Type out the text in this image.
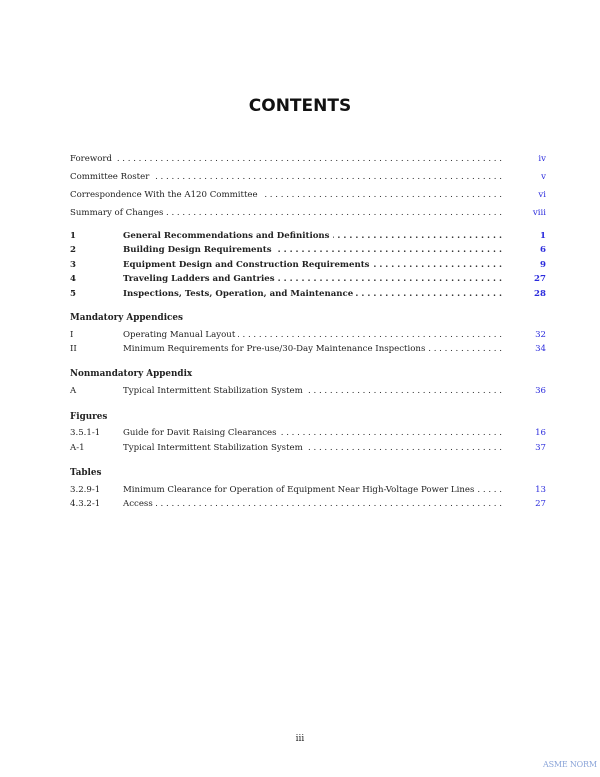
CONTENTS
Foreword . . .	iv
Committee Roster . . .	v
Correspondence With the A120 Committee . . .	vi
Summary of Changes . . .	viii
1	General Recommendations and Definitions . . .	1
2	Building Design Requirements . . .	6
3	Equipment Design and Construction Requirements . . .	9
4	Traveling Ladders and Gantries . . .	27
5	Inspections, Tests, Operation, and Maintenance . . .	28
Mandatory Appendices
I	Operating Manual Layout . . .	32
II	Minimum Requirements for Pre-use/30-Day Maintenance Inspections . . .	34
Nonmandatory Appendix
A	Typical Intermittent Stabilization System . . .	36
Figures
3.5.1-1	Guide for Davit Raising Clearances . . .	16
A-1	Typical Intermittent Stabilization System . . .	37
Tables
3.2.9-1	Minimum Clearance for Operation of Equipment Near High-Voltage Power Lines . . .	13
4.3.2-1	Access . . .	27
iii
ASME NORM
